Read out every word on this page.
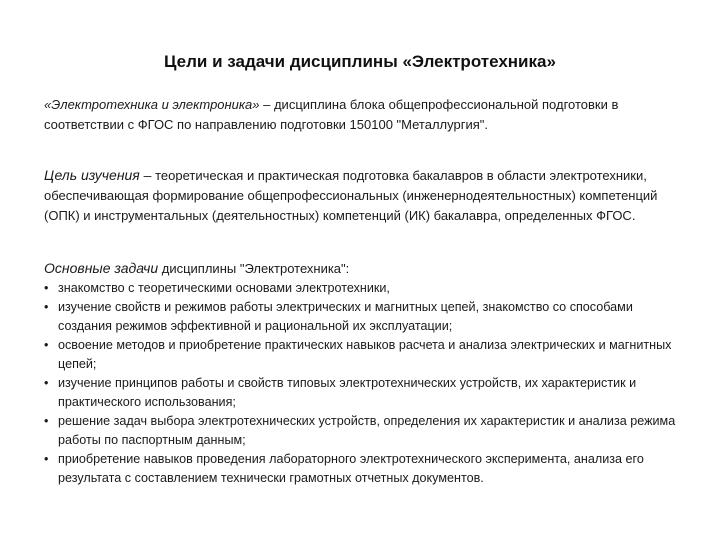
Цели и задачи дисциплины «Электротехника»
«Электротехника и электроника» – дисциплина блока общепрофессиональной подготовки в соответствии с ФГОС по направлению подготовки 150100 "Металлургия".
Цель изучения – теоретическая и практическая подготовка бакалавров в области электротехники, обеспечивающая формирование общепрофессиональных (инженернодеятельностных) компетенций (ОПК) и инструментальных (деятельностных) компетенций (ИК) бакалавра, определенных ФГОС.
Основные задачи дисциплины "Электротехника":
• знакомство с теоретическими основами электротехники,
• изучение свойств и режимов работы электрических и магнитных цепей, знакомство со способами создания режимов эффективной и рациональной их эксплуатации;
• освоение методов и приобретение практических навыков расчета и анализа электрических и магнитных цепей;
• изучение принципов работы и свойств типовых электротехнических устройств, их характеристик и практического использования;
• решение задач выбора электротехнических устройств, определения их характеристик и анализа режима работы по паспортным данным;
• приобретение навыков проведения лабораторного электротехнического эксперимента, анализа его результата с составлением технически грамотных отчетных документов.
